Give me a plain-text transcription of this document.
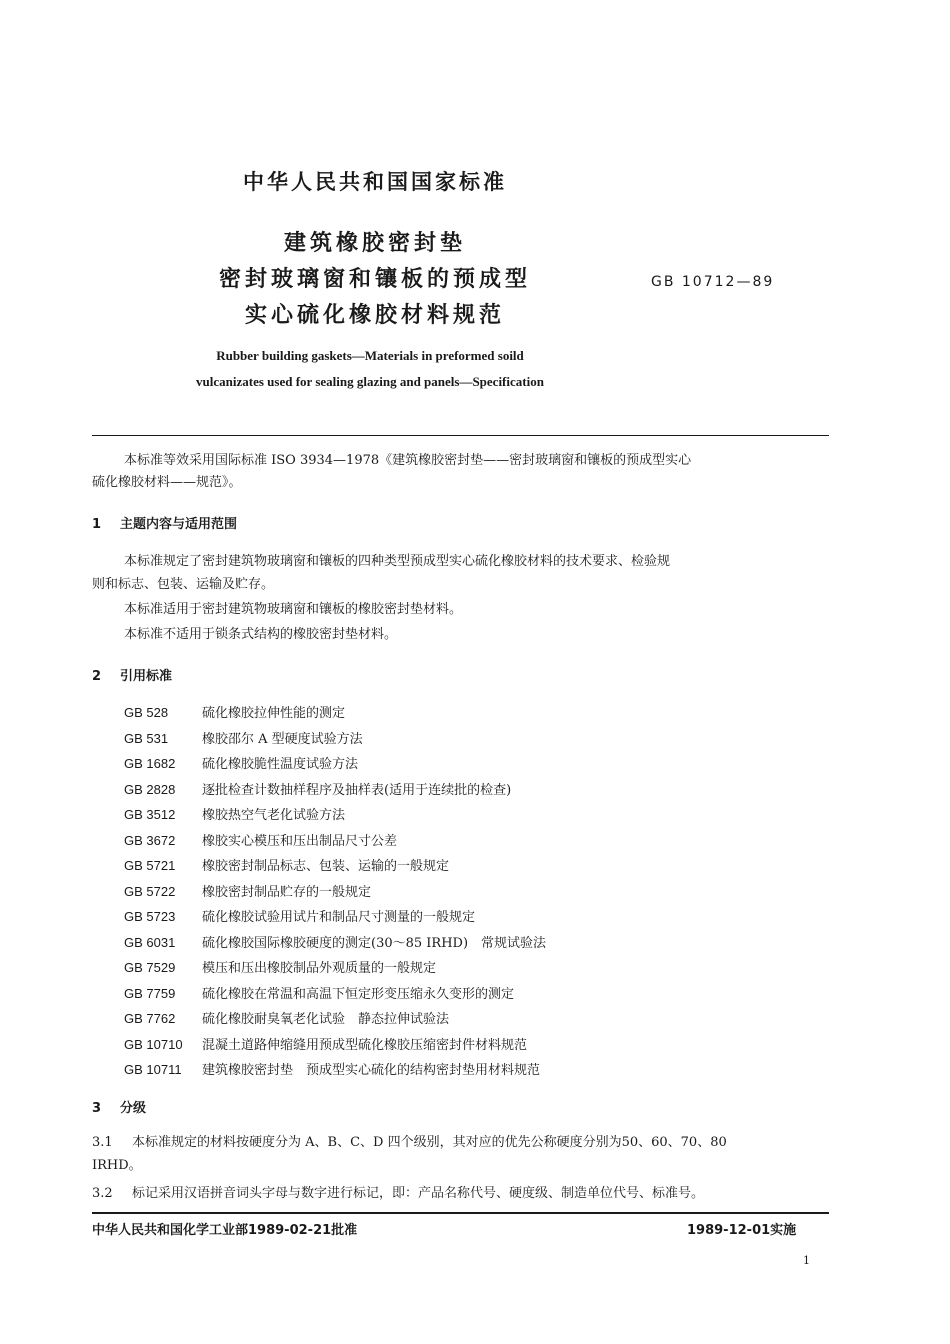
中华人民共和国国家标准
建筑橡胶密封垫
密封玻璃窗和镶板的预成型
实心硫化橡胶材料规范
GB 10712—89
Rubber building gaskets—Materials in preformed soild
vulcanizates used for sealing glazing and panels—Specification
本标准等效采用国际标准 ISO 3934—1978《建筑橡胶密封垫——密封玻璃窗和镶板的预成型实心
硫化橡胶材料——规范》。
1 主题内容与适用范围
本标准规定了密封建筑物玻璃窗和镶板的四种类型预成型实心硫化橡胶材料的技术要求、检验规
则和标志、包装、运输及贮存。
本标准适用于密封建筑物玻璃窗和镶板的橡胶密封垫材料。
本标准不适用于锁条式结构的橡胶密封垫材料。
2 引用标准
GB 528	硫化橡胶拉伸性能的测定
GB 531	橡胶邵尔 A 型硬度试验方法
GB 1682 硫化橡胶脆性温度试验方法
GB 2828 逐批检查计数抽样程序及抽样表(适用于连续批的检查)
GB 3512 橡胶热空气老化试验方法
GB 3672 橡胶实心模压和压出制品尺寸公差
GB 5721 橡胶密封制品标志、包装、运输的一般规定
GB 5722 橡胶密封制品贮存的一般规定
GB 5723 硫化橡胶试验用试片和制品尺寸测量的一般规定
GB 6031 硫化橡胶国际橡胶硬度的测定(30～85 IRHD)　常规试验法
GB 7529 模压和压出橡胶制品外观质量的一般规定
GB 7759 硫化橡胶在常温和高温下恒定形变压缩永久变形的测定
GB 7762 硫化橡胶耐臭氧老化试验　静态拉伸试验法
GB 10710 混凝土道路伸缩缝用预成型硫化橡胶压缩密封件材料规范
GB 10711 建筑橡胶密封垫　预成型实心硫化的结构密封垫用材料规范
3 分级
3.1 本标准规定的材料按硬度分为 A、B、C、D 四个级别，其对应的优先公称硬度分别为50、60、70、80
IRHD。
3.2 标记采用汉语拼音词头字母与数字进行标记，即：产品名称代号、硬度级、制造单位代号、标准号。
中华人民共和国化学工业部1989-02-21批准	1989-12-01实施
1
